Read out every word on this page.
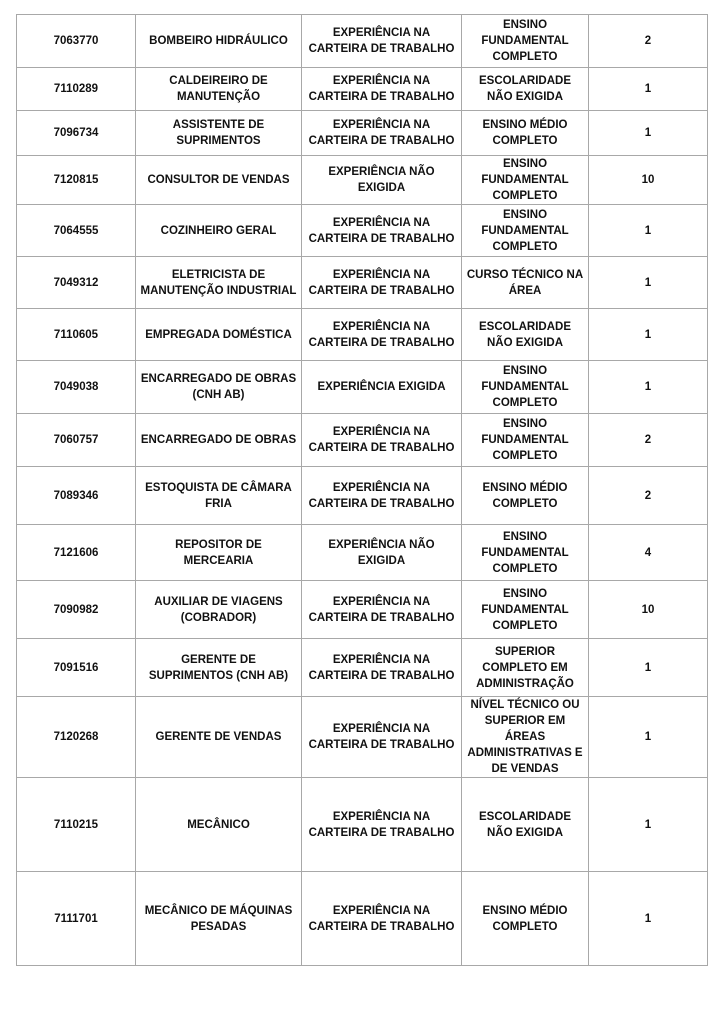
7063770	BOMBEIRO HIDRÁULICO	EXPERIÊNCIA NA CARTEIRA DE TRABALHO	ENSINO FUNDAMENTAL COMPLETO	2
7110289	CALDEIREIRO DE MANUTENÇÃO	EXPERIÊNCIA NA CARTEIRA DE TRABALHO	ESCOLARIDADE NÃO EXIGIDA	1
7096734	ASSISTENTE DE SUPRIMENTOS	EXPERIÊNCIA NA CARTEIRA DE TRABALHO	ENSINO MÉDIO COMPLETO	1
7120815	CONSULTOR DE VENDAS	EXPERIÊNCIA NÃO EXIGIDA	ENSINO FUNDAMENTAL COMPLETO	10
7064555	COZINHEIRO GERAL	EXPERIÊNCIA NA CARTEIRA DE TRABALHO	ENSINO FUNDAMENTAL COMPLETO	1
7049312	ELETRICISTA DE MANUTENÇÃO INDUSTRIAL	EXPERIÊNCIA NA CARTEIRA DE TRABALHO	CURSO TÉCNICO NA ÁREA	1
7110605	EMPREGADA DOMÉSTICA	EXPERIÊNCIA NA CARTEIRA DE TRABALHO	ESCOLARIDADE NÃO EXIGIDA	1
7049038	ENCARREGADO DE OBRAS (CNH AB)	EXPERIÊNCIA EXIGIDA	ENSINO FUNDAMENTAL COMPLETO	1
7060757	ENCARREGADO DE OBRAS	EXPERIÊNCIA NA CARTEIRA DE TRABALHO	ENSINO FUNDAMENTAL COMPLETO	2
7089346	ESTOQUISTA DE CÂMARA FRIA	EXPERIÊNCIA NA CARTEIRA DE TRABALHO	ENSINO MÉDIO COMPLETO	2
7121606	REPOSITOR DE MERCEARIA	EXPERIÊNCIA NÃO EXIGIDA	ENSINO FUNDAMENTAL COMPLETO	4
7090982	AUXILIAR DE VIAGENS (COBRADOR)	EXPERIÊNCIA NA CARTEIRA DE TRABALHO	ENSINO FUNDAMENTAL COMPLETO	10
7091516	GERENTE DE SUPRIMENTOS (CNH AB)	EXPERIÊNCIA NA CARTEIRA DE TRABALHO	SUPERIOR COMPLETO EM ADMINISTRAÇÃO	1
7120268	GERENTE DE VENDAS	EXPERIÊNCIA NA CARTEIRA DE TRABALHO	NÍVEL TÉCNICO OU SUPERIOR EM ÁREAS ADMINISTRATIVAS E DE VENDAS	1
7110215	MECÂNICO	EXPERIÊNCIA NA CARTEIRA DE TRABALHO	ESCOLARIDADE NÃO EXIGIDA	1
7111701	MECÂNICO DE MÁQUINAS PESADAS	EXPERIÊNCIA NA CARTEIRA DE TRABALHO	ENSINO MÉDIO COMPLETO	1
